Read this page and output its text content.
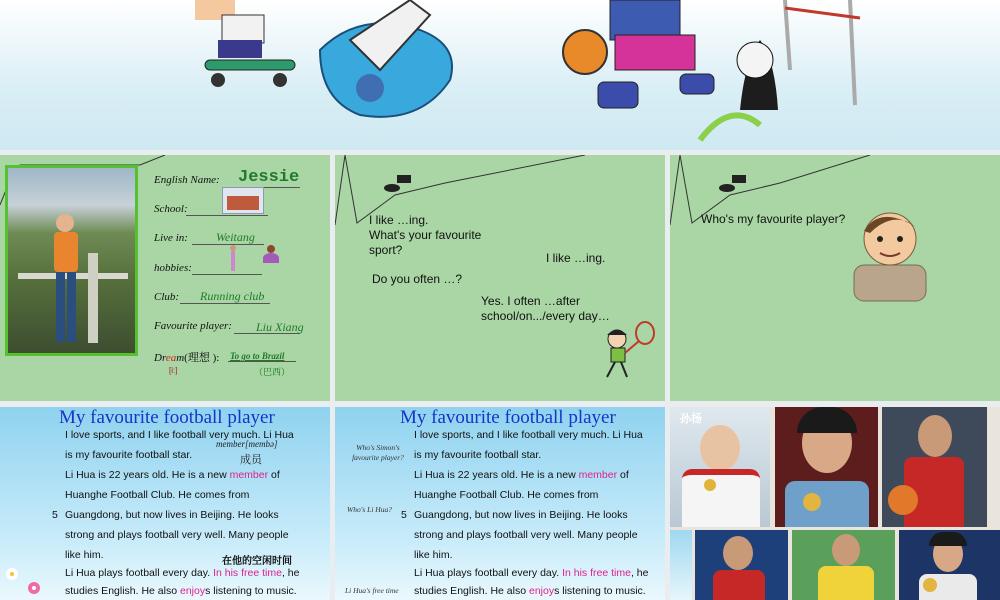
English Name: Jessie
School:
Live in: Weitang
hobbies:
Club: Running club
Favourite player: Liu Xiang
Dream(理想 ): To go to Brazil
[i:]	（巴西）
I like …ing.
What's your favourite
sport?
I like …ing.
Do you often …?
Yes. I often …after
school/on.../every day…
Who's my favourite player?
My favourite football player
I love sports, and I like football very much. Li Hua
is my favourite football star.
Li Hua is 22 years old. He is a new member of
Huanghe Football Club. He comes from
5 Guangdong, but now lives in Beijing. He looks
strong and plays football very well. Many people
like him.
Li Hua plays football every day. In his free time, he
studies English. He also enjoys listening to music.
member[membə]
成员
在他的空闲时间
My favourite football player
Who's Simon's favourite player?
Who's Li Hua?
Li Hua's free time
I love sports, and I like football very much. Li Hua
is my favourite football star.
Li Hua is 22 years old. He is a new member of
Huanghe Football Club. He comes from
5 Guangdong, but now lives in Beijing. He looks
strong and plays football very well. Many people
like him.
Li Hua plays football every day. In his free time, he
studies English. He also enjoys listening to music.
孙杨
